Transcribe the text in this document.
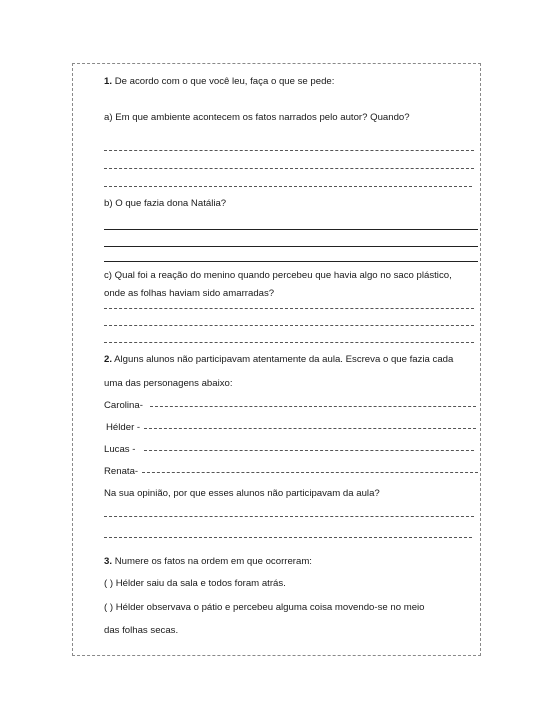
1. De acordo com o que você leu, faça o que se pede:
a) Em que ambiente acontecem os fatos narrados pelo autor? Quando?
b) O que fazia dona Natália?
c) Qual foi a reação do menino quando percebeu que havia algo no saco plástico,
onde as folhas haviam sido amarradas?
2. Alguns alunos não participavam atentamente da aula. Escreva o que fazia cada
uma das personagens abaixo:
Carolina-
Hélder -
Lucas -
Renata-
Na sua opinião, por que esses alunos não participavam da aula?
3. Numere os fatos na ordem em que ocorreram:
( ) Hélder saiu da sala e todos foram atrás.
( ) Hélder observava o pátio e percebeu alguma coisa movendo-se no meio
das folhas secas.
